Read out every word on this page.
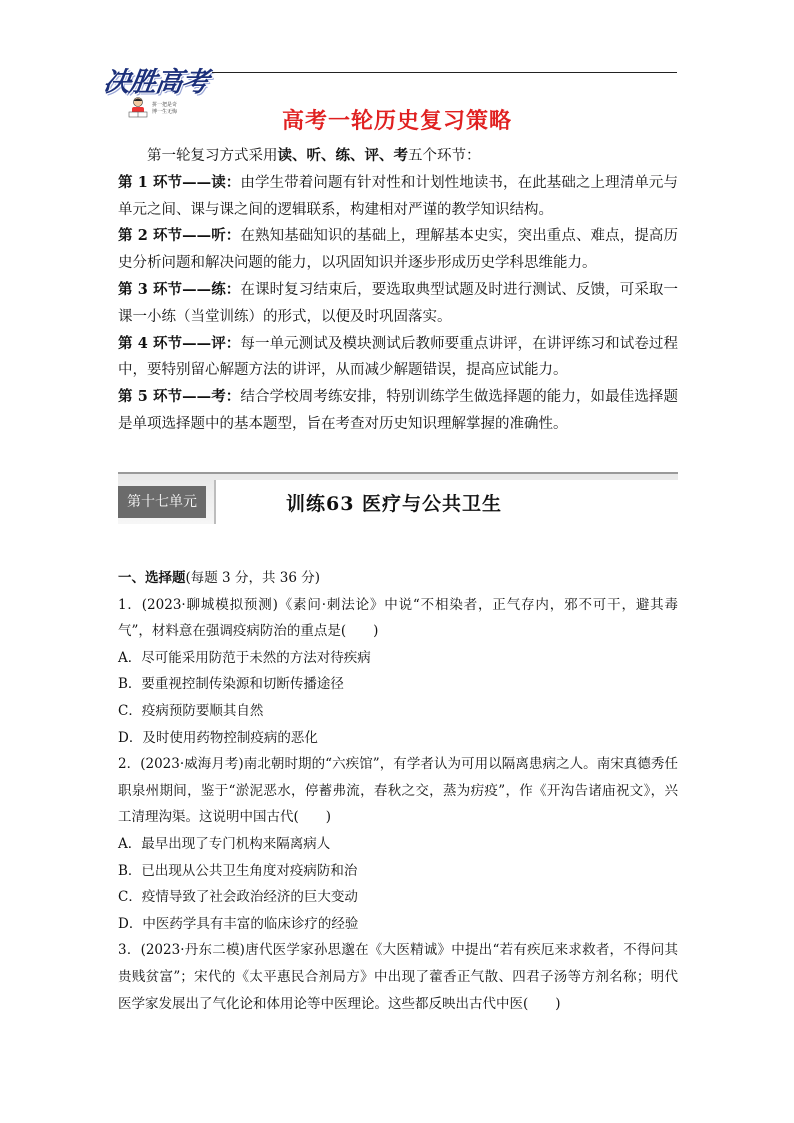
决胜高考
拼一把是奇
博一生无悔	高考一轮历史复习策略

第一轮复习方式采用读、听、练、评、考五个环节：

第 1 环节——读：由学生带着问题有针对性和计划性地读书，在此基础之上理清单元与单元之间、课与课之间的逻辑联系，构建相对严谨的教学知识结构。

第 2 环节——听：在熟知基础知识的基础上，理解基本史实，突出重点、难点，提高历史分析问题和解决问题的能力，以巩固知识并逐步形成历史学科思维能力。

第 3 环节——练：在课时复习结束后，要选取典型试题及时进行测试、反馈，可采取一课一小练（当堂训练）的形式，以便及时巩固落实。

第 4 环节——评：每一单元测试及模块测试后教师要重点讲评，在讲评练习和试卷过程中，要特别留心解题方法的讲评，从而减少解题错误，提高应试能力。

第 5 环节——考：结合学校周考练安排，特别训练学生做选择题的能力，如最佳选择题是单项选择题中的基本题型，旨在考查对历史知识理解掌握的准确性。

第十七单元	训练63 医疗与公共卫生

一、选择题(每题 3 分，共 36 分)

1．(2023·聊城模拟预测)《素问·刺法论》中说“不相染者，正气存内，邪不可干，避其毒气”，材料意在强调疫病防治的重点是(　　)

A．尽可能采用防范于未然的方法对待疾病

B．要重视控制传染源和切断传播途径

C．疫病预防要顺其自然

D．及时使用药物控制疫病的恶化

2．(2023·威海月考)南北朝时期的“六疾馆”，有学者认为可用以隔离患病之人。南宋真德秀任职泉州期间，鉴于“淤泥恶水，停蓄弗流，春秋之交，蒸为疠疫”，作《开沟告诸庙祝文》，兴工清理沟渠。这说明中国古代(　　)

A．最早出现了专门机构来隔离病人

B．已出现从公共卫生角度对疫病防和治

C．疫情导致了社会政治经济的巨大变动

D．中医药学具有丰富的临床诊疗的经验

3．(2023·丹东二模)唐代医学家孙思邈在《大医精诚》中提出“若有疾厄来求救者，不得问其贵贱贫富”；宋代的《太平惠民合剂局方》中出现了藿香正气散、四君子汤等方剂名称；明代医学家发展出了气化论和体用论等中医理论。这些都反映出古代中医(　　)
